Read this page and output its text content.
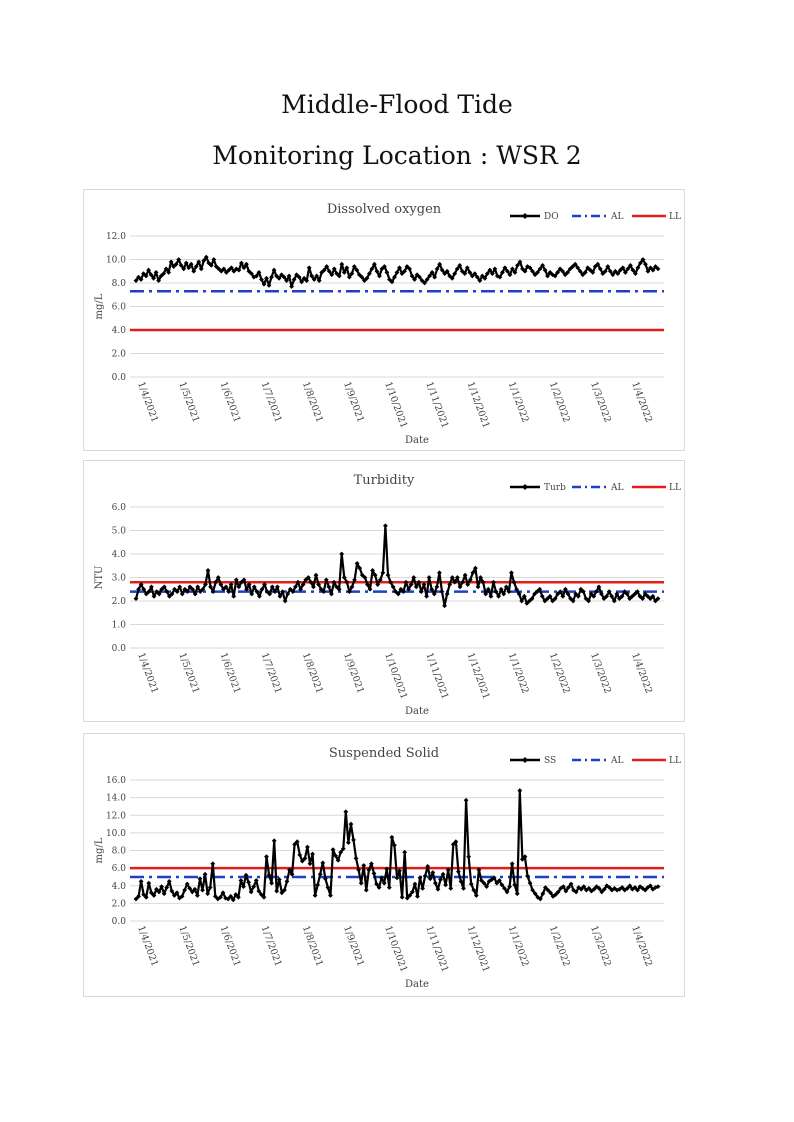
Middle-Flood Tide
Monitoring Location : WSR 2
Dissolved oxygen
0.0
2.0
4.0
6.0
8.0
10.0
12.0
mg/L
1/4/2021 1/5/2021 1/6/2021 1/7/2021 1/8/2021 1/9/2021 1/10/2021 1/11/2021 1/12/2021 1/1/2022 1/2/2022 1/3/2022 1/4/2022
Date
DO	AL	LL
Turbidity
0.0
1.0
2.0
3.0
4.0
5.0
6.0
NTU
1/4/2021 1/5/2021 1/6/2021 1/7/2021 1/8/2021 1/9/2021 1/10/2021 1/11/2021 1/12/2021 1/1/2022 1/2/2022 1/3/2022 1/4/2022
Date
Turb	AL	LL
Suspended Solid
0.0
2.0
4.0
6.0
8.0
10.0
12.0
14.0
16.0
mg/L
1/4/2021 1/5/2021 1/6/2021 1/7/2021 1/8/2021 1/9/2021 1/10/2021 1/11/2021 1/12/2021 1/1/2022 1/2/2022 1/3/2022 1/4/2022
Date
SS	AL	LL
